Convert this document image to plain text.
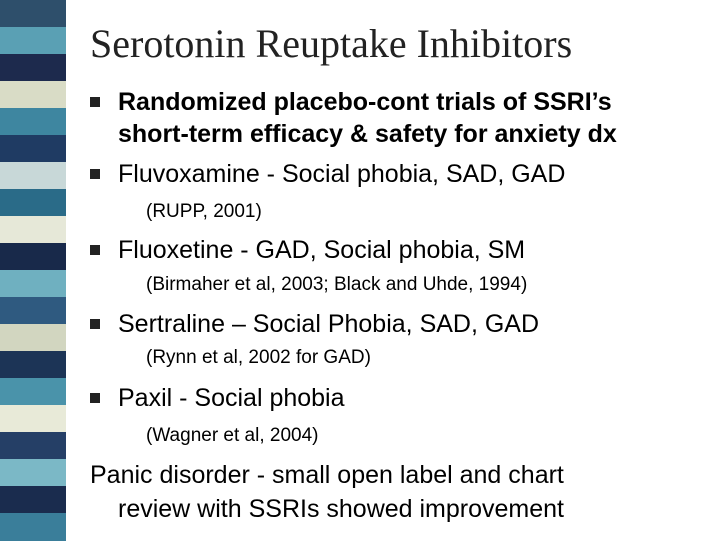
Serotonin Reuptake Inhibitors
Randomized placebo-cont trials of SSRI’s
short-term efficacy & safety for anxiety dx
Fluvoxamine - Social phobia, SAD, GAD
(RUPP, 2001)
Fluoxetine - GAD, Social phobia, SM
(Birmaher et al, 2003; Black and Uhde, 1994)
Sertraline – Social Phobia, SAD, GAD
(Rynn et al, 2002 for GAD)
Paxil - Social phobia
(Wagner et al, 2004)
Panic disorder - small open label and chart
review with SSRIs showed improvement
